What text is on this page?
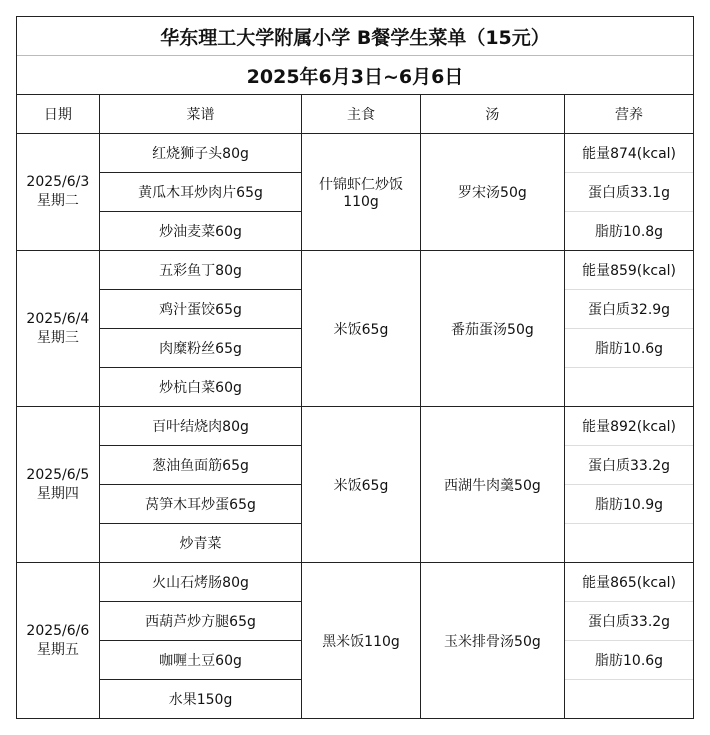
华东理工大学附属小学 B餐学生菜单（15元）
2025年6月3日~6月6日
日期	菜谱	主食	汤	营养

2025/6/3
星期二	红烧狮子头80g	什锦虾仁炒饭110g	罗宋汤50g	能量874(kcal)
	黄瓜木耳炒肉片65g			蛋白质33.1g
	炒油麦菜60g			脂肪10.8g

2025/6/4
星期三	五彩鱼丁80g	米饭65g	番茄蛋汤50g	能量859(kcal)
	鸡汁蛋饺65g			蛋白质32.9g
	肉糜粉丝65g			脂肪10.6g
	炒杭白菜60g			

2025/6/5
星期四	百叶结烧肉80g	米饭65g	西湖牛肉羹50g	能量892(kcal)
	葱油鱼面筋65g			蛋白质33.2g
	莴笋木耳炒蛋65g			脂肪10.9g
	炒青菜			

2025/6/6
星期五	火山石烤肠80g	黑米饭110g	玉米排骨汤50g	能量865(kcal)
	西葫芦炒方腿65g			蛋白质33.2g
	咖喱土豆60g			脂肪10.6g
	水果150g			
